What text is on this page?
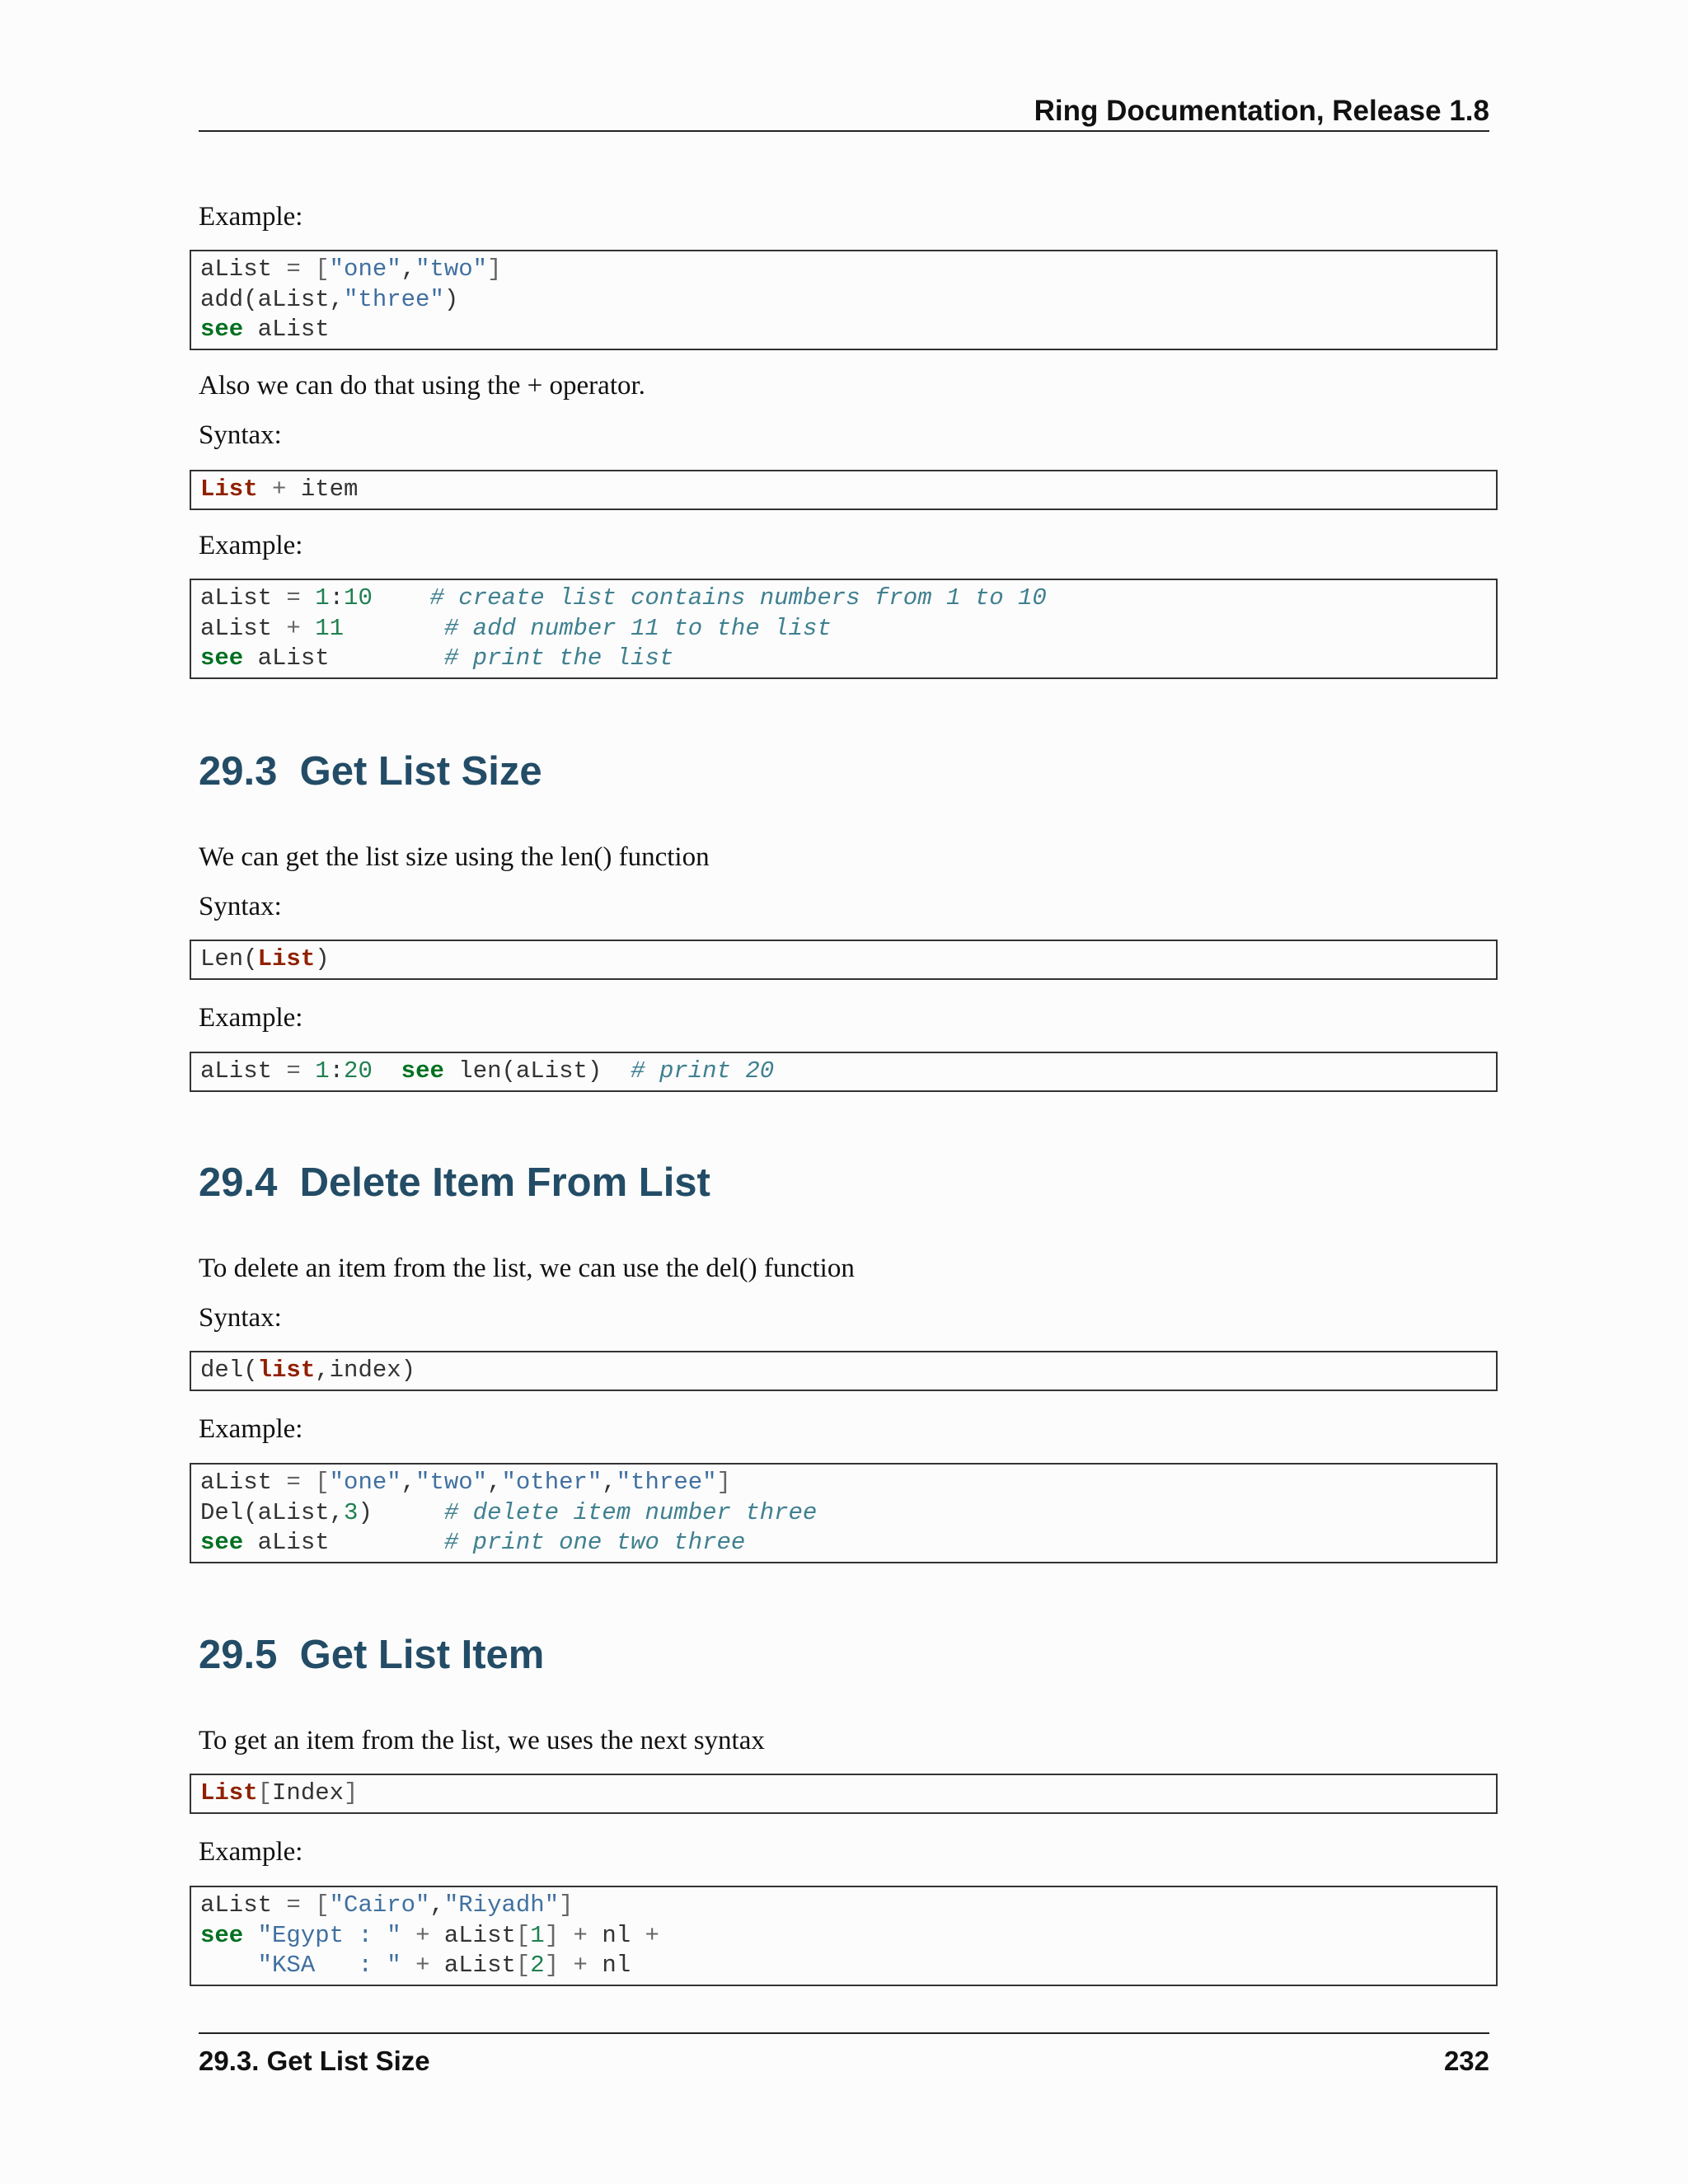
Ring Documentation, Release 1.8
Example:
aList = ["one","two"]
add(aList,"three")
see aList
Also we can do that using the + operator.
Syntax:
List + item
Example:
aList = 1:10 # create list contains numbers from 1 to 10
aList + 11	# add number 11 to the list
see aList        # print the list
29.3  Get List Size
We can get the list size using the len() function
Syntax:
Len(List)
Example:
aList = 1:20 see len(aList)  # print 20
29.4  Delete Item From List
To delete an item from the list, we can use the del() function
Syntax:
del(list,index)
Example:
aList = ["one","two","other","three"]
Del(aList,3)     # delete item number three
see aList        # print one two three
29.5  Get List Item
To get an item from the list, we uses the next syntax
List[Index]
Example:
aList = ["Cairo","Riyadh"]
see "Egypt : " + aList[1] + nl +
"KSA   : " + aList[2] + nl
29.3. Get List Size	232
